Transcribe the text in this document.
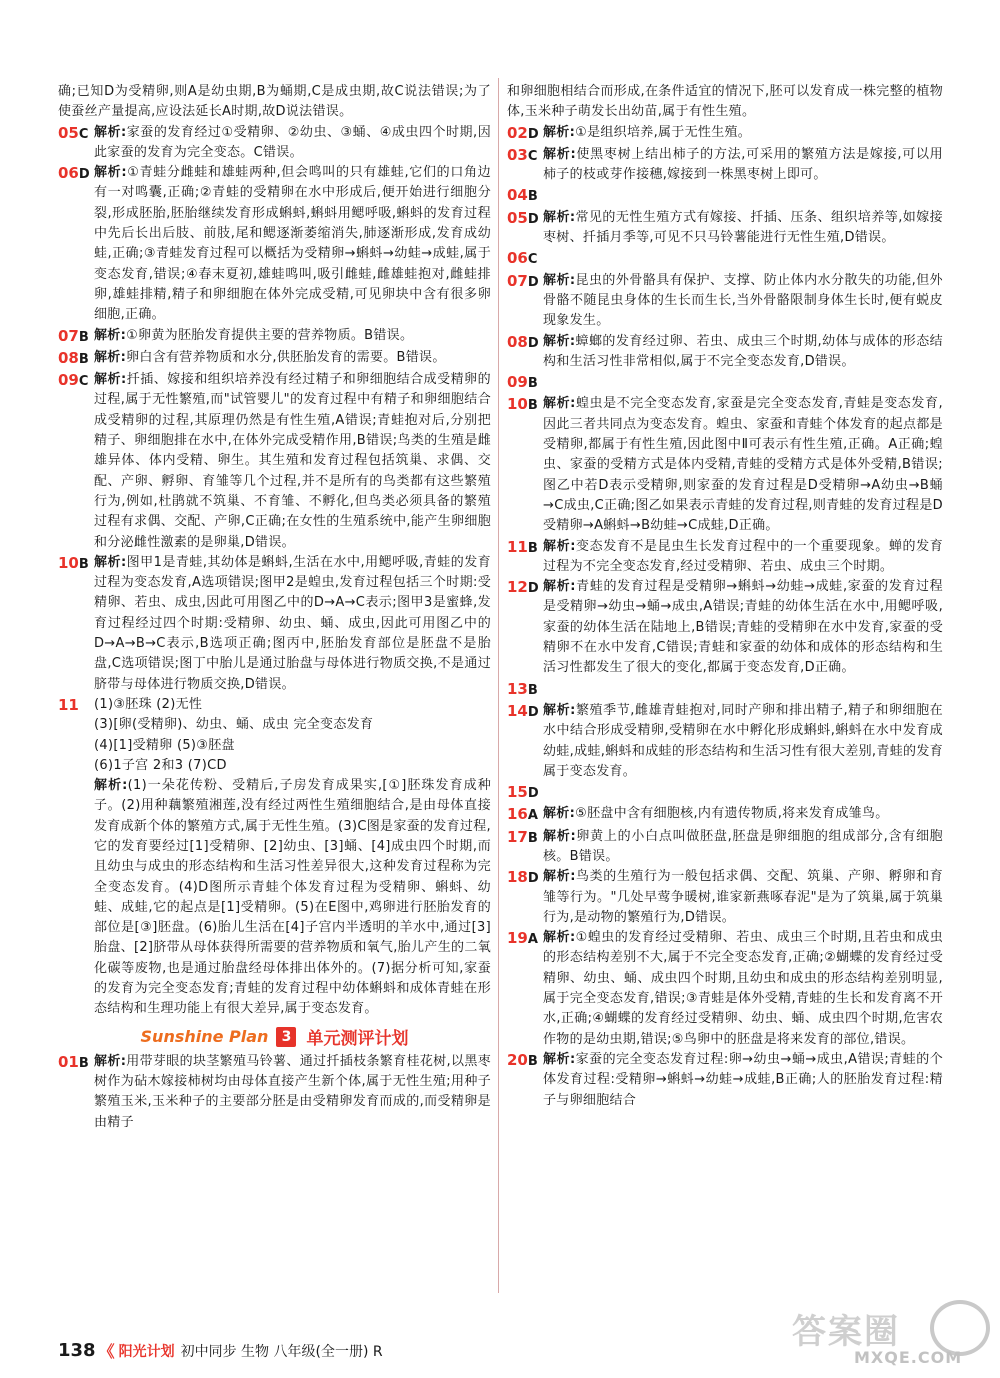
确;已知D为受精卵,则A是幼虫期,B为蛹期,C是成虫期,故C说法错误;为了使蚕丝产量提高,应设法延长A时期,故D说法错误。
05C 解析:家蚕的发育经过①受精卵、②幼虫、③蛹、④成虫四个时期,因此家蚕的发育为完全变态。C错误。
06D 解析:①青蛙分雌蛙和雄蛙两种,但会鸣叫的只有雄蛙,它们的口角边有一对鸣囊,正确;②青蛙的受精卵在水中形成后,便开始进行细胞分裂,形成胚胎,胚胎继续发育形成蝌蚪,蝌蚪用鳃呼吸,蝌蚪的发育过程中先后长出后肢、前肢,尾和鳃逐渐萎缩消失,肺逐渐形成,发育成幼蛙,正确;③青蛙发育过程可以概括为受精卵→蝌蚪→幼蛙→成蛙,属于变态发育,错误;④春末夏初,雄蛙鸣叫,吸引雌蛙,雌雄蛙抱对,雌蛙排卵,雄蛙排精,精子和卵细胞在体外完成受精,可见卵块中含有很多卵细胞,正确。
07B 解析:①卵黄为胚胎发育提供主要的营养物质。B错误。
08B 解析:卵白含有营养物质和水分,供胚胎发育的需要。B错误。
09C 解析:扦插、嫁接和组织培养没有经过精子和卵细胞结合成受精卵的过程,属于无性繁殖,而"试管婴儿"的发育过程中有精子和卵细胞结合成受精卵的过程,其原理仍然是有性生殖,A错误;青蛙抱对后,分别把精子、卵细胞排在水中,在体外完成受精作用,B错误;鸟类的生殖是雌雄异体、体内受精、卵生。其生殖和发育过程包括筑巢、求偶、交配、产卵、孵卵、育雏等几个过程,并不是所有的鸟类都有这些繁殖行为,例如,杜鹃就不筑巢、不育雏、不孵化,但鸟类必须具备的繁殖过程有求偶、交配、产卵,C正确;在女性的生殖系统中,能产生卵细胞和分泌雌性激素的是卵巢,D错误。
10B 解析:图甲1是青蛙,其幼体是蝌蚪,生活在水中,用鳃呼吸,青蛙的发育过程为变态发育,A选项错误;图甲2是蝗虫,发育过程包括三个时期:受精卵、若虫、成虫,因此可用图乙中的D→A→C表示;图甲3是蜜蜂,发育过程经过四个时期:受精卵、幼虫、蛹、成虫,因此可用图乙中的D→A→B→C表示,B选项正确;图丙中,胚胎发育部位是胚盘不是胎盘,C选项错误;图丁中胎儿是通过胎盘与母体进行物质交换,不是通过脐带与母体进行物质交换,D错误。
11	(1)③胚珠 (2)无性
(3)[卵(受精卵)、幼虫、蛹、成虫 完全变态发育
(4)[1]受精卵 (5)③胚盘
(6)1子宫 2和3 (7)CD
解析:(1)一朵花传粉、受精后,子房发育成果实,[①]胚珠发育成种子。(2)用种藕繁殖湘莲,没有经过两性生殖细胞结合,是由母体直接发育成新个体的繁殖方式,属于无性生殖。(3)C图是家蚕的发育过程,它的发育要经过[1]受精卵、[2]幼虫、[3]蛹、[4]成虫四个时期,而且幼虫与成虫的形态结构和生活习性差异很大,这种发育过程称为完全变态发育。(4)D图所示青蛙个体发育过程为受精卵、蝌蚪、幼蛙、成蛙,它的起点是[1]受精卵。(5)在E图中,鸡卵进行胚胎发育的部位是[③]胚盘。(6)胎儿生活在[4]子宫内半透明的羊水中,通过[3]胎盘、[2]脐带从母体获得所需要的营养物质和氧气,胎儿产生的二氧化碳等废物,也是通过胎盘经母体排出体外的。(7)据分析可知,家蚕的发育为完全变态发育;青蛙的发育过程中幼体蝌蚪和成体青蛙在形态结构和生理功能上有很大差异,属于变态发育。
Sunshine Plan 3 单元测评计划
01B 解析:用带芽眼的块茎繁殖马铃薯、通过扦插枝条繁育桂花树,以黑枣树作为砧木嫁接柿树均由母体直接产生新个体,属于无性生殖;用种子繁殖玉米,玉米种子的主要部分胚是由受精卵发育而成的,而受精卵是由精子
和卵细胞相结合而形成,在条件适宜的情况下,胚可以发育成一株完整的植物体,玉米种子萌发长出幼苗,属于有性生殖。
02D 解析:①是组织培养,属于无性生殖。
03C 解析:使黑枣树上结出柿子的方法,可采用的繁殖方法是嫁接,可以用柿子的枝或芽作接穗,嫁接到一株黑枣树上即可。
04B
05D 解析:常见的无性生殖方式有嫁接、扦插、压条、组织培养等,如嫁接枣树、扦插月季等,可见不只马铃薯能进行无性生殖,D错误。
06C
07D 解析:昆虫的外骨骼具有保护、支撑、防止体内水分散失的功能,但外骨骼不随昆虫身体的生长而生长,当外骨骼限制身体生长时,便有蜕皮现象发生。
08D 解析:蟑螂的发育经过卵、若虫、成虫三个时期,幼体与成体的形态结构和生活习性非常相似,属于不完全变态发育,D错误。
09B
10B 解析:蝗虫是不完全变态发育,家蚕是完全变态发育,青蛙是变态发育,因此三者共同点为变态发育。蝗虫、家蚕和青蛙个体发育的起点都是受精卵,都属于有性生殖,因此图中Ⅱ可表示有性生殖,正确。A正确;蝗虫、家蚕的受精方式是体内受精,青蛙的受精方式是体外受精,B错误;图乙中若D表示受精卵,则家蚕的发育过程是D受精卵→A幼虫→B蛹→C成虫,C正确;图乙如果表示青蛙的发育过程,则青蛙的发育过程是D受精卵→A蝌蚪→B幼蛙→C成蛙,D正确。
11B 解析:变态发育不是昆虫生长发育过程中的一个重要现象。蝉的发育过程为不完全变态发育,经过受精卵、若虫、成虫三个时期。
12D 解析:青蛙的发育过程是受精卵→蝌蚪→幼蛙→成蛙,家蚕的发育过程是受精卵→幼虫→蛹→成虫,A错误;青蛙的幼体生活在水中,用鳃呼吸,家蚕的幼体生活在陆地上,B错误;青蛙的受精卵在水中发育,家蚕的受精卵不在水中发育,C错误;青蛙和家蚕的幼体和成体的形态结构和生活习性都发生了很大的变化,都属于变态发育,D正确。
13B
14D 解析:繁殖季节,雌雄青蛙抱对,同时产卵和排出精子,精子和卵细胞在水中结合形成受精卵,受精卵在水中孵化形成蝌蚪,蝌蚪在水中发育成幼蛙,成蛙,蝌蚪和成蛙的形态结构和生活习性有很大差别,青蛙的发育属于变态发育。
15D
16A 解析:⑤胚盘中含有细胞核,内有遗传物质,将来发育成雏鸟。
17B 解析:卵黄上的小白点叫做胚盘,胚盘是卵细胞的组成部分,含有细胞核。B错误。
18D 解析:鸟类的生殖行为一般包括求偶、交配、筑巢、产卵、孵卵和育雏等行为。"几处早莺争暖树,谁家新燕啄春泥"是为了筑巢,属于筑巢行为,是动物的繁殖行为,D错误。
19A 解析:①蝗虫的发育经过受精卵、若虫、成虫三个时期,且若虫和成虫的形态结构差别不大,属于不完全变态发育,正确;②蝴蝶的发育经过受精卵、幼虫、蛹、成虫四个时期,且幼虫和成虫的形态结构差别明显,属于完全变态发育,错误;③青蛙是体外受精,青蛙的生长和发育离不开水,正确;④蝴蝶的发育经过受精卵、幼虫、蛹、成虫四个时期,危害农作物的是幼虫期,错误;⑤鸟卵中的胚盘是将来发育的部位,错误。
20B 解析:家蚕的完全变态发育过程:卵→幼虫→蛹→成虫,A错误;青蛙的个体发育过程:受精卵→蝌蚪→幼蛙→成蛙,B正确;人的胚胎发育过程:精子与卵细胞结合
138 《 阳光计划 初中同步 生物 八年级(全一册) R	答案圈
MXQE.COM
